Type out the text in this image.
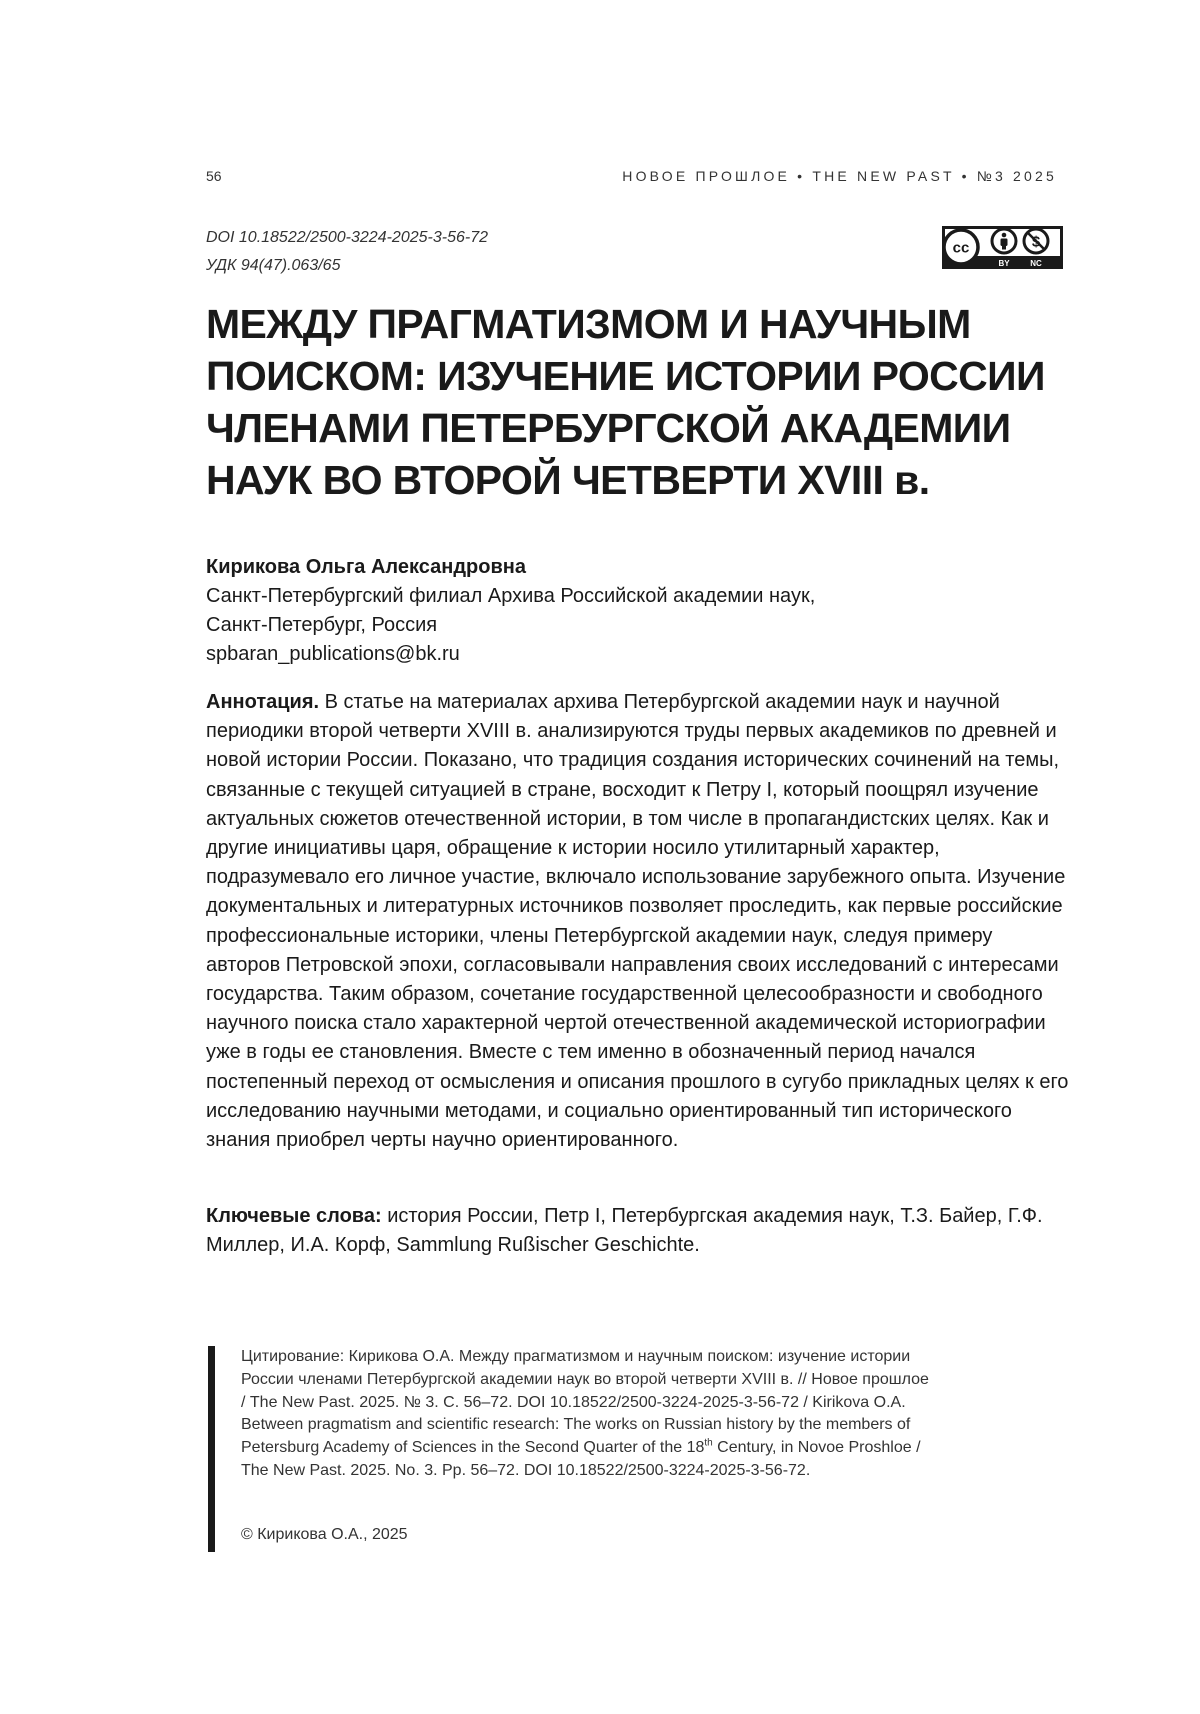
56	НОВОЕ ПРОШЛОЕ • THE NEW PAST • №3 2025
DOI 10.18522/2500-3224-2025-3-56-72
УДК 94(47).063/65
cc
BY	NC
МЕЖДУ ПРАГМАТИЗМОМ И НАУЧНЫМ
ПОИСКОМ: ИЗУЧЕНИЕ ИСТОРИИ РОССИИ
ЧЛЕНАМИ ПЕТЕРБУРГСКОЙ АКАДЕМИИ
НАУК ВО ВТОРОЙ ЧЕТВЕРТИ XVIII в.
Кирикова Ольга Александровна
Санкт-Петербургский филиал Архива Российской академии наук,
Санкт-Петербург, Россия
spbaran_publications@bk.ru

Аннотация. В статье на материалах архива Петербургской академии наук и научной периодики второй четверти XVIII в. анализируются труды первых академиков по древней и новой истории России. Показано, что традиция создания исторических сочинений на темы, связанные с текущей ситуацией в стране, восходит к Петру I, который поощрял изучение актуальных сюжетов отечественной истории, в том числе в пропагандистских целях. Как и другие инициативы царя, обращение к истории носило утилитарный характер, подразумевало его личное участие, включало использование зарубежного опыта. Изучение документальных и литературных источников позволяет проследить, как первые российские профессиональные историки, члены Петербургской академии наук, следуя примеру авторов Петровской эпохи, согласовывали направления своих исследований с интересами государства. Таким образом, сочетание государственной целесообразности и свободного научного поиска стало характерной чертой отечественной академической историографии уже в годы ее становления. Вместе с тем именно в обозначенный период начался постепенный переход от осмысления и описания прошлого в сугубо прикладных целях к его исследованию научными методами, и социально ориентированный тип исторического знания приобрел черты научно ориентированного.

Ключевые слова: история России, Петр I, Петербургская академия наук, Т.З. Байер, Г.Ф. Миллер, И.А. Корф, Sammlung Rußischer Geschichte.

Цитирование: Кирикова О.А. Между прагматизмом и научным поиском: изучение истории России членами Петербургской академии наук во второй четверти XVIII в. // Новое прошлое / The New Past. 2025. № 3. С. 56–72. DOI 10.18522/2500-3224-2025-3-56-72 / Kirikova O.A. Between pragmatism and scientific research: The works on Russian history by the members of Petersburg Academy of Sciences in the Second Quarter of the 18th Century, in Novoe Proshloe / The New Past. 2025. No. 3. Pp. 56–72. DOI 10.18522/2500-3224-2025-3-56-72.

© Кирикова О.А., 2025
